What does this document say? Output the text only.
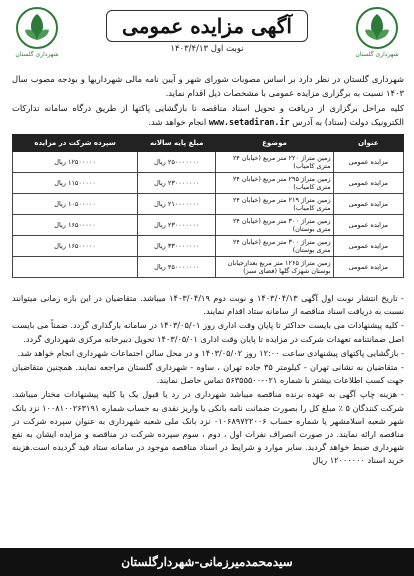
شهرداری گلستان
شهرداری گلستان
آگهی مزایده عمومی
نوبت اول ۱۴۰۳/۴/۱۳

شهرداری گلستان در نظر دارد بر اساس مصوبات شورای شهر و آیین نامه مالی شهرداریها و بودجه مصوب سال ۱۴۰۳ نسبت به برگزاری مزایده عمومی با مشخصات ذیل اقدام نماید.

کلیه مراحل برگزاری از دریافت و تحویل اسناد مناقصه تا بازگشایی پاکتها از طریق درگاه سامانه تدارکات الکترونیک دولت (ستاد) به آدرس www.setadiran.ir انجام خواهد شد.

عنوان	موضوع	مبلغ پایه سالانه	سپرده شرکت در مزایده
مزایده عمومی	زمین متراژ ۲۲۰ متر مربع (خیابان ۲۴ متری کامیاب)	۲۵۰۰۰۰۰۰۰ ریال	۱۲۵۰۰۰۰۰ ریال
مزایده عمومی	زمین متراژ ۲۹۵ متر مربع (خیابان ۲۴ متری کامیاب)	۲۳۰۰۰۰۰۰۰ ریال	۱۱۵۰۰۰۰۰ ریال
مزایده عمومی	زمین متراژ ۲۱۹ متر مربع (خیابان ۲۴ متری کامیاب)	۲۱۰۰۰۰۰۰۰ ریال	۱۰۵۰۰۰۰۰ ریال
مزایده عمومی	زمین متراژ ۳۰۰ متر مربع (خیابان ۲۴ متری بوستان)	۲۳۰۰۰۰۰۰۰ ریال	۱۶۵۰۰۰۰۰ ریال
مزایده عمومی	زمین متراژ ۳۰۰ متر مربع (خیابان ۲۴ متری بوستان)	۳۳۰۰۰۰۰۰۰ ریال	۱۶۵۰۰۰۰۰ ریال
مزایده عمومی	زمین متراژ ۱۲۶۵ متر مربع بعدازخیابان بوستان شهرک گلها (فضای سبز)	۴۵۰۰۰۰۰۰۰ ریال	

- تاریخ انتشار نوبت اول آگهی ۱۴۰۳/۰۴/۱۳ و نوبت دوم ۱۴۰۳/۰۴/۱۹ میباشد. متقاضیان در این بازه زمانی میتوانند نسبت به دریافت اسناد مناقصه از سامانه ستاد اقدام نمایند.

- کلیه پیشنهادات می بایست حداکثر تا پایان وقت اداری روز ۱۴۰۳/۰۵/۰۱ در سامانه بارگذاری گردد. ضمناً می بایست اصل ضمانتنامه تعهدات شرکت در مزایده تا پایان وقت اداری ۱۴۰۳/۰۵/۰۱ تحویل دبیرخانه مرکزی شهرداری گردد.

- بازگشایی پاکتهای پیشنهادی ساعت ۱۲:۰۰ روز ۱۴۰۳/۰۵/۰۲ و در محل سالن اجتماعات شهرداری انجام خواهد شد.

- متقاضیان به نشانی تهران - کیلومتر ۳۵ جاده تهران ، ساوه - شهرداری گلستان مراجعه نمایند. همچنین متقاضیان جهت کسب اطلاعات بیشتر با شماره ۰۲۱-۵۶۳۵۵۵۰۰ تماس حاصل نمایند.

- هزینه چاپ آگهی به عهده برنده مناقصه میباشد شهرداری در رد یا قبول یک یا کلیه پیشنهادات مختار میباشد. شرکت کنندگان ۵ ٪ مبلغ کل را بصورت ضمانت نامه بانکی یا واریز نقدی به حساب شماره ۱۰۰۸۱۰۰۲۶۳۱۹۱ نزد بانک شهر شعبه اسلامشهر یا شماره حساب ۰۱۰۶۸۹۷۲۲۰۰۶ نزد بانک ملی شعبه شهرداری به عنوان سپرده شرکت در مناقصه ارائه نمایند. در صورت انصراف نفرات اول ، دوم ، سوم سپرده شرکت در مناقصه و مزایده ایشان به نفع شهرداری ضبط خواهد گردید. سایر موارد و شرایط در اسناد مناقصه موجود در سامانه ستاد قید گردیده است.هزینه خرید اسناد ۱۲۰۰۰۰۰۰ ریال

سیدمحمدمیرزمانی-شهردارگلستان
